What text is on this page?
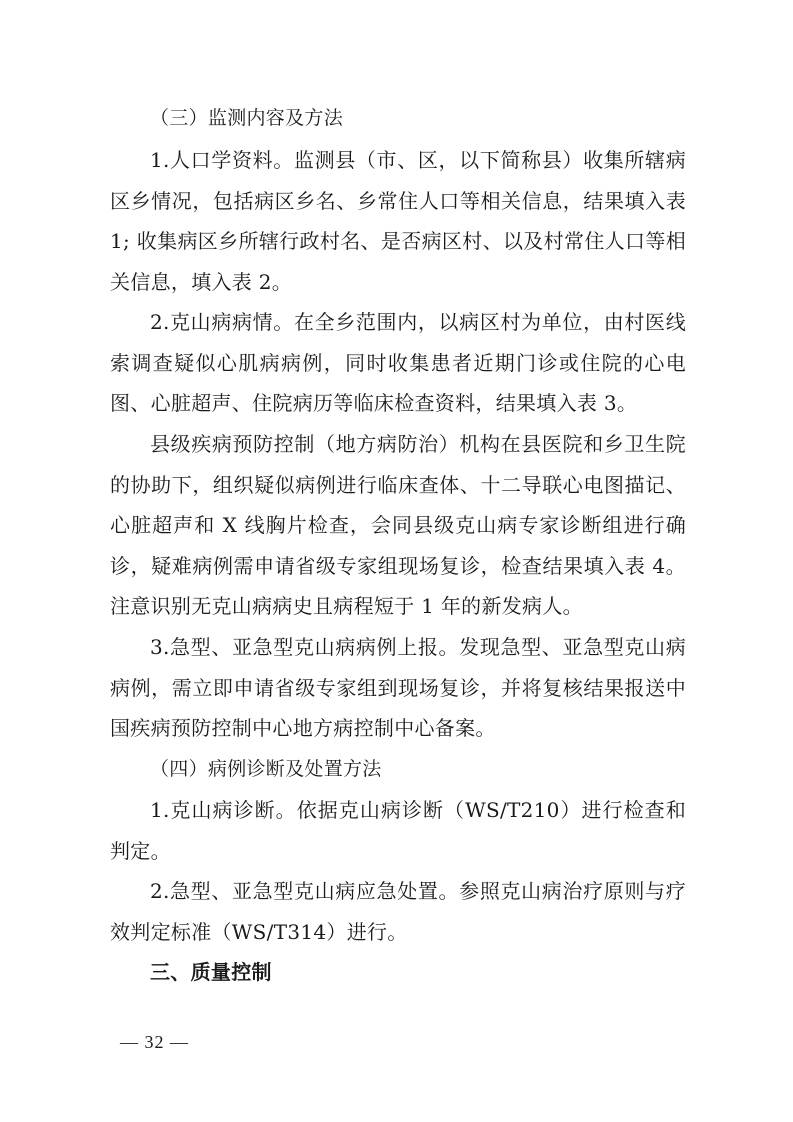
（三）监测内容及方法

1.人口学资料。监测县（市、区，以下简称县）收集所辖病区乡情况，包括病区乡名、乡常住人口等相关信息，结果填入表 1; 收集病区乡所辖行政村名、是否病区村、以及村常住人口等相关信息，填入表 2。

2.克山病病情。在全乡范围内，以病区村为单位，由村医线索调查疑似心肌病病例，同时收集患者近期门诊或住院的心电图、心脏超声、住院病历等临床检查资料，结果填入表 3。

县级疾病预防控制（地方病防治）机构在县医院和乡卫生院的协助下，组织疑似病例进行临床查体、十二导联心电图描记、心脏超声和 X 线胸片检查，会同县级克山病专家诊断组进行确诊，疑难病例需申请省级专家组现场复诊，检查结果填入表 4。注意识别无克山病病史且病程短于 1 年的新发病人。

3.急型、亚急型克山病病例上报。发现急型、亚急型克山病病例，需立即申请省级专家组到现场复诊，并将复核结果报送中国疾病预防控制中心地方病控制中心备案。

（四）病例诊断及处置方法

1.克山病诊断。依据克山病诊断（WS/T210）进行检查和判定。

2.急型、亚急型克山病应急处置。参照克山病治疗原则与疗效判定标准（WS/T314）进行。

三、质量控制

— 32 —
